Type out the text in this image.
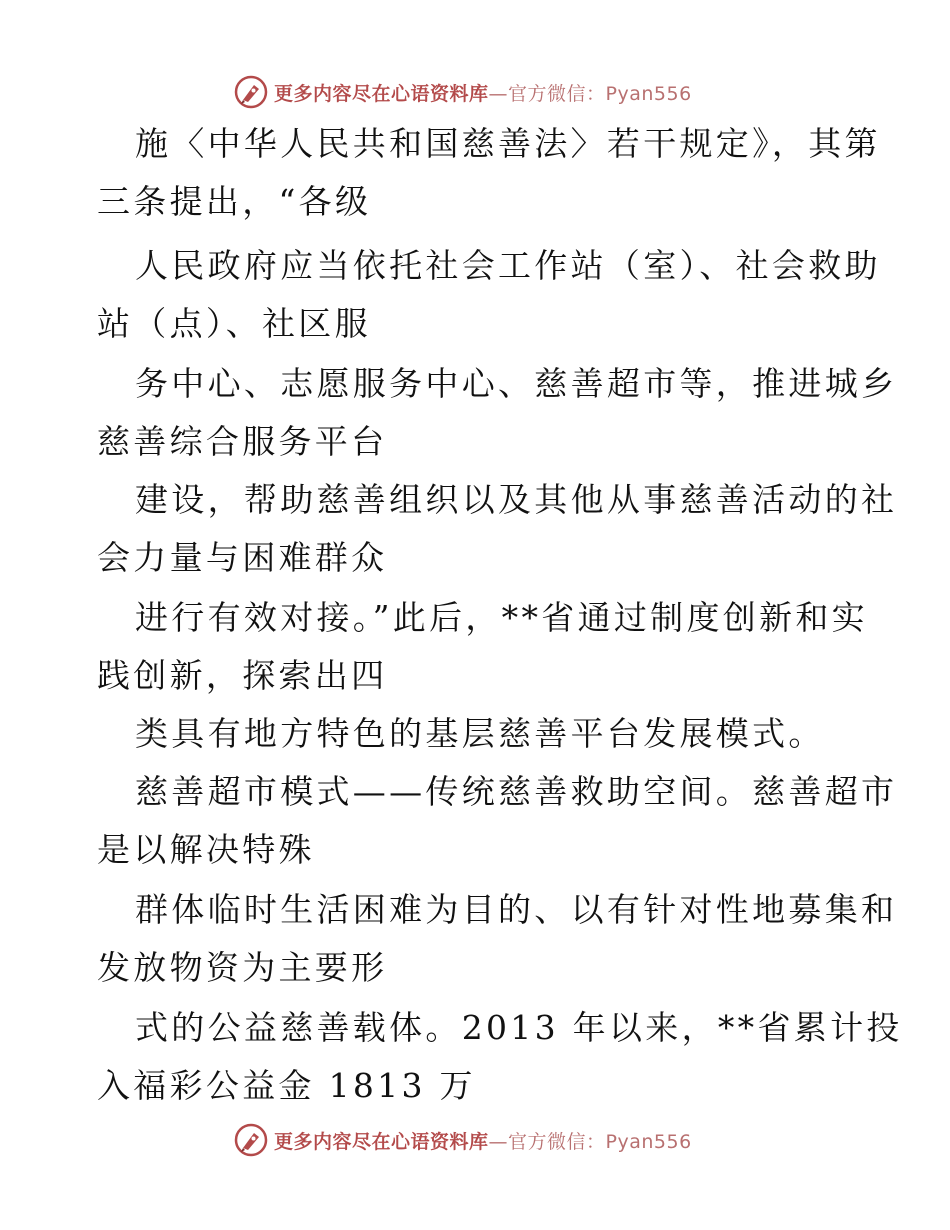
更多内容尽在心语资料库—官方微信：Pyan556
施〈中华人民共和国慈善法〉若干规定》，其第
三条提出，“各级
人民政府应当依托社会工作站（室）、社会救助
站（点）、社区服
务中心、志愿服务中心、慈善超市等，推进城乡
慈善综合服务平台
建设，帮助慈善组织以及其他从事慈善活动的社
会力量与困难群众
进行有效对接。”此后，**省通过制度创新和实
践创新，探索出四
类具有地方特色的基层慈善平台发展模式。
慈善超市模式——传统慈善救助空间。慈善超市
是以解决特殊
群体临时生活困难为目的、以有针对性地募集和
发放物资为主要形
式的公益慈善载体。2013 年以来，**省累计投
入福彩公益金 1813 万
更多内容尽在心语资料库—官方微信：Pyan556
